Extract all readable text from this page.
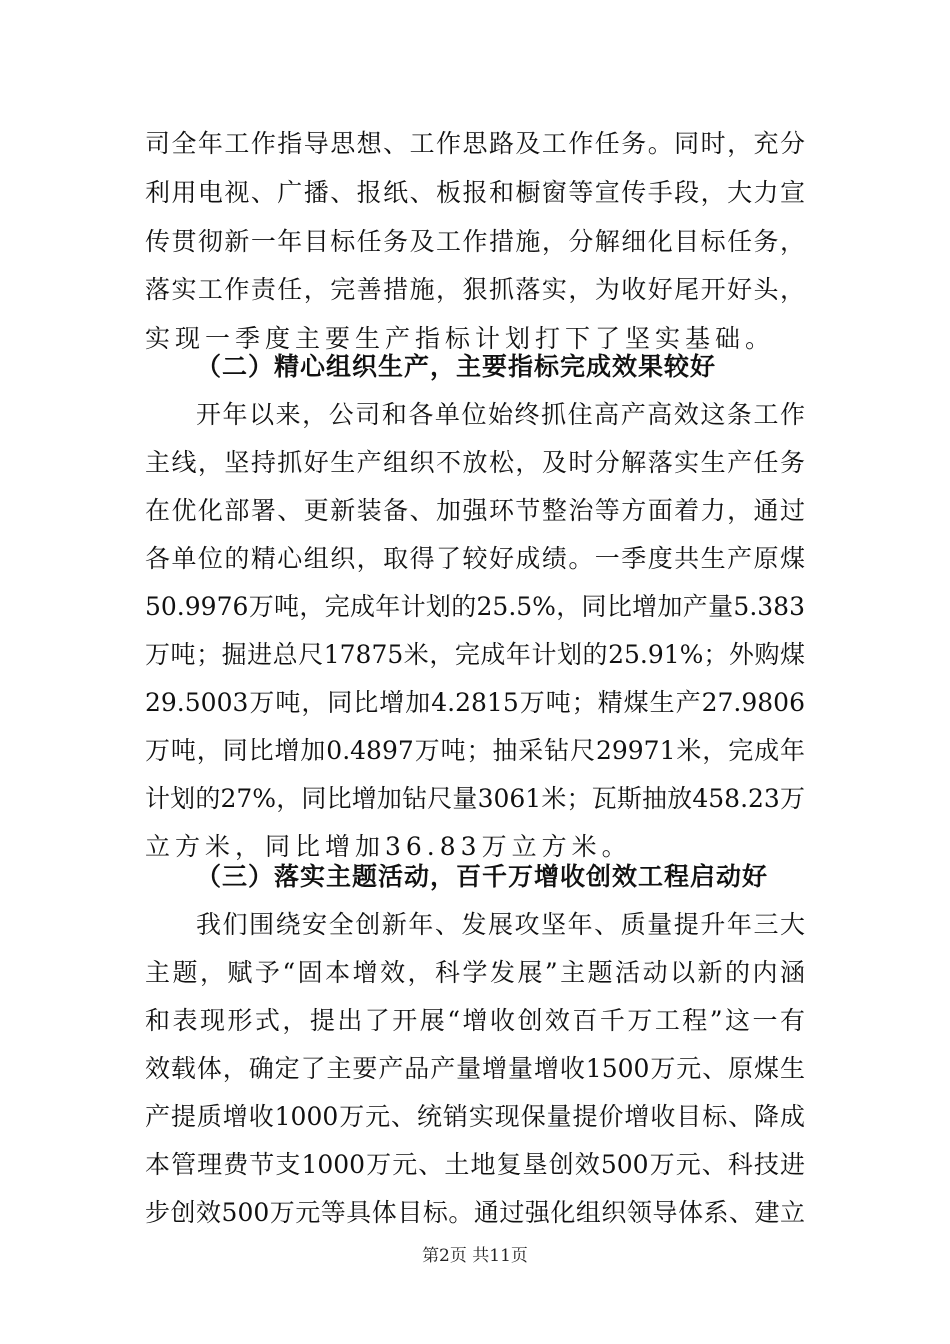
司全年工作指导思想、工作思路及工作任务。同时，充分
利用电视、广播、报纸、板报和橱窗等宣传手段，大力宣
传贯彻新一年目标任务及工作措施，分解细化目标任务，
落实工作责任，完善措施，狠抓落实，为收好尾开好头，
实现一季度主要生产指标计划打下了坚实基础。
（二）精心组织生产，主要指标完成效果较好
开年以来，公司和各单位始终抓住高产高效这条工作
主线，坚持抓好生产组织不放松，及时分解落实生产任务
在优化部署、更新装备、加强环节整治等方面着力，通过
各单位的精心组织，取得了较好成绩。一季度共生产原煤
50.9976万吨，完成年计划的25.5%，同比增加产量5.383
万吨；掘进总尺17875米，完成年计划的25.91%；外购煤
29.5003万吨，同比增加4.2815万吨；精煤生产27.9806
万吨，同比增加0.4897万吨；抽采钻尺29971米，完成年
计划的27%，同比增加钻尺量3061米；瓦斯抽放458.23万
立方米，同比增加36.83万立方米。
（三）落实主题活动，百千万增收创效工程启动好
我们围绕安全创新年、发展攻坚年、质量提升年三大
主题，赋予“固本增效，科学发展”主题活动以新的内涵
和表现形式，提出了开展“增收创效百千万工程”这一有
效载体，确定了主要产品产量增量增收1500万元、原煤生
产提质增收1000万元、统销实现保量提价增收目标、降成
本管理费节支1000万元、土地复垦创效500万元、科技进
步创效500万元等具体目标。通过强化组织领导体系、建立
第2页 共11页
